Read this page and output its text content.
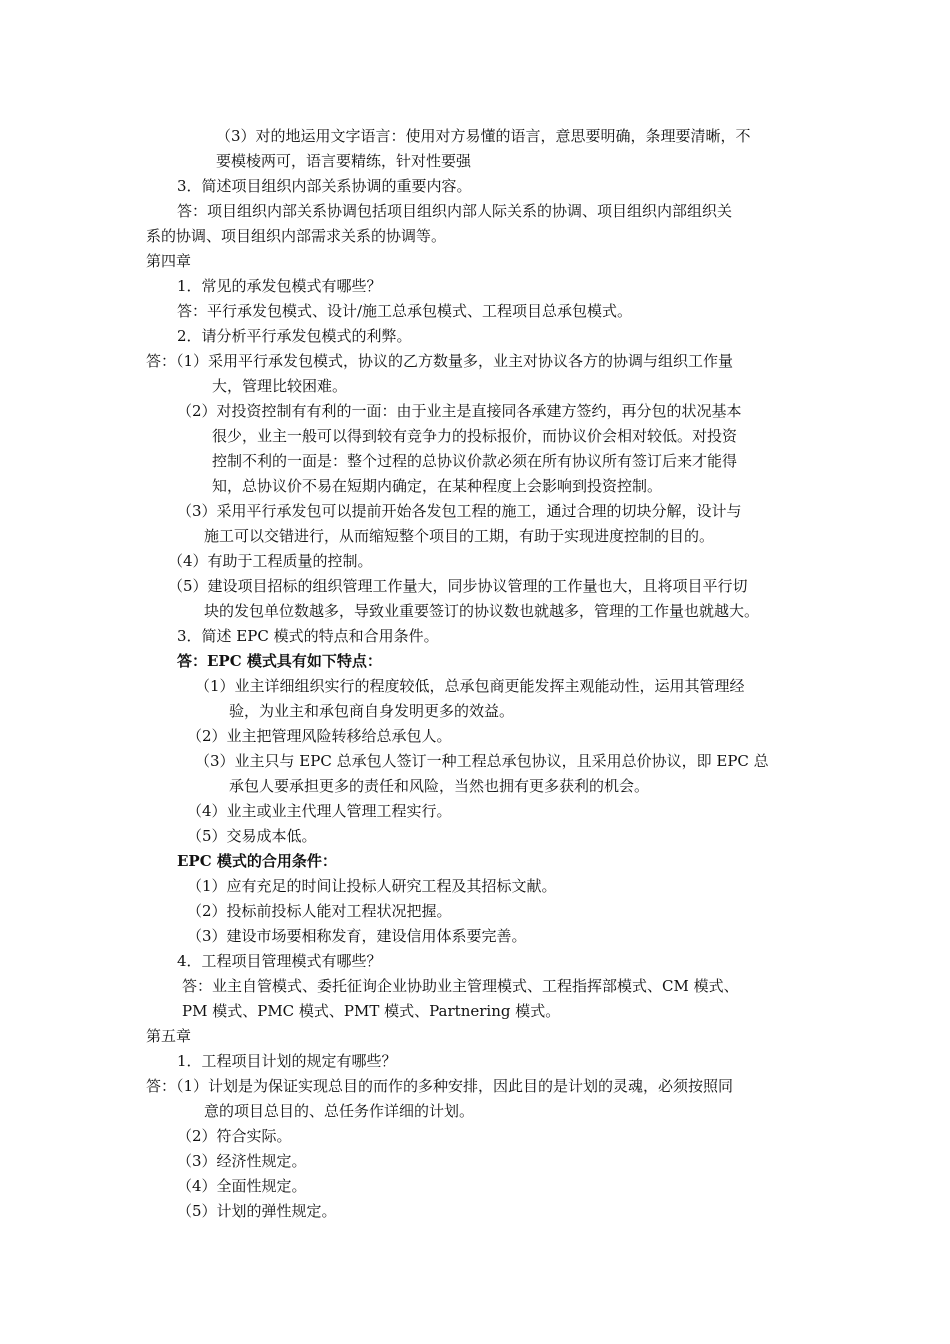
（3）对的地运用文字语言：使用对方易懂的语言，意思要明确，条理要清晰，不
要模棱两可，语言要精练，针对性要强
3．简述项目组织内部关系协调的重要内容。
答：项目组织内部关系协调包括项目组织内部人际关系的协调、项目组织内部组织关
系的协调、项目组织内部需求关系的协调等。
第四章
1．常见的承发包模式有哪些？
答：平行承发包模式、设计/施工总承包模式、工程项目总承包模式。
2．请分析平行承发包模式的利弊。
答：（1）采用平行承发包模式，协议的乙方数量多，业主对协议各方的协调与组织工作量
大，管理比较困难。
（2）对投资控制有有利的一面：由于业主是直接同各承建方签约，再分包的状况基本
很少，业主一般可以得到较有竞争力的投标报价，而协议价会相对较低。对投资
控制不利的一面是：整个过程的总协议价款必须在所有协议所有签订后来才能得
知，总协议价不易在短期内确定，在某种程度上会影响到投资控制。
（3）采用平行承发包可以提前开始各发包工程的施工，通过合理的切块分解，设计与
施工可以交错进行，从而缩短整个项目的工期，有助于实现进度控制的目的。
（4）有助于工程质量的控制。
（5）建设项目招标的组织管理工作量大，同步协议管理的工作量也大，且将项目平行切
块的发包单位数越多，导致业重要签订的协议数也就越多，管理的工作量也就越大。
3．简述 EPC 模式的特点和合用条件。
答：EPC 模式具有如下特点：
（1）业主详细组织实行的程度较低，总承包商更能发挥主观能动性，运用其管理经
验，为业主和承包商自身发明更多的效益。
（2）业主把管理风险转移给总承包人。
（3）业主只与 EPC 总承包人签订一种工程总承包协议，且采用总价协议，即 EPC 总
承包人要承担更多的责任和风险，当然也拥有更多获利的机会。
（4）业主或业主代理人管理工程实行。
（5）交易成本低。
EPC 模式的合用条件：
（1）应有充足的时间让投标人研究工程及其招标文献。
（2）投标前投标人能对工程状况把握。
（3）建设市场要相称发育，建设信用体系要完善。
4．工程项目管理模式有哪些？
答：业主自管模式、委托征询企业协助业主管理模式、工程指挥部模式、CM 模式、
PM 模式、PMC 模式、PMT 模式、Partnering 模式。
第五章
1．工程项目计划的规定有哪些？
答：（1）计划是为保证实现总目的而作的多种安排，因此目的是计划的灵魂，必须按照同
意的项目总目的、总任务作详细的计划。
（2）符合实际。
（3）经济性规定。
（4）全面性规定。
（5）计划的弹性规定。
